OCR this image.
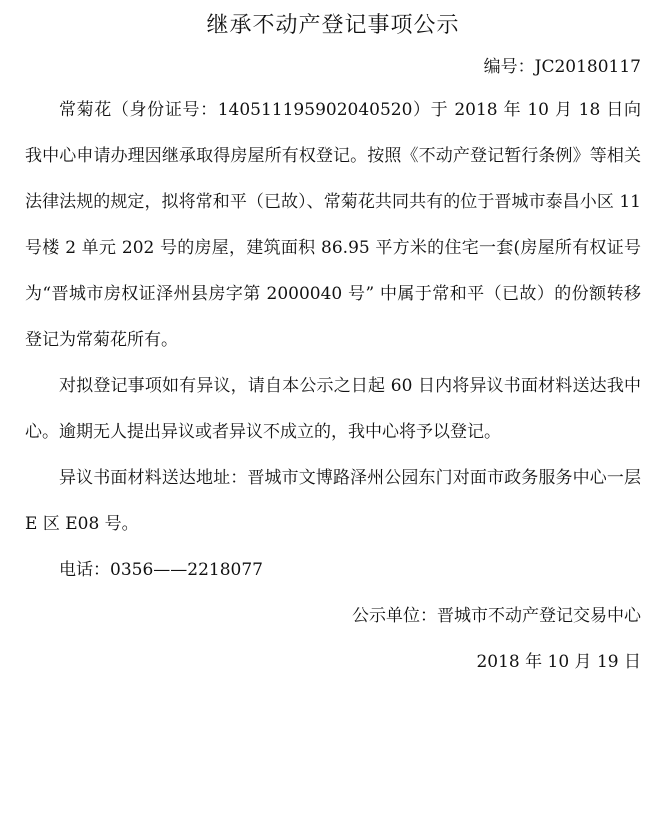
继承不动产登记事项公示
编号：JC20180117

常菊花（身份证号：140511195902040520）于 2018 年 10 月 18 日向我中心申请办理因继承取得房屋所有权登记。按照《不动产登记暂行条例》等相关法律法规的规定，拟将常和平（已故）、常菊花共同共有的位于晋城市泰昌小区 11 号楼 2 单元 202 号的房屋，建筑面积 86.95 平方米的住宅一套(房屋所有权证号为“晋城市房权证泽州县房字第 2000040 号” 中属于常和平（已故）的份额转移登记为常菊花所有。

对拟登记事项如有异议，请自本公示之日起 60 日内将异议书面材料送达我中心。逾期无人提出异议或者异议不成立的，我中心将予以登记。

异议书面材料送达地址：晋城市文博路泽州公园东门对面市政务服务中心一层 E 区 E08 号。

电话：0356——2218077

公示单位：晋城市不动产登记交易中心
2018 年 10 月 19 日
